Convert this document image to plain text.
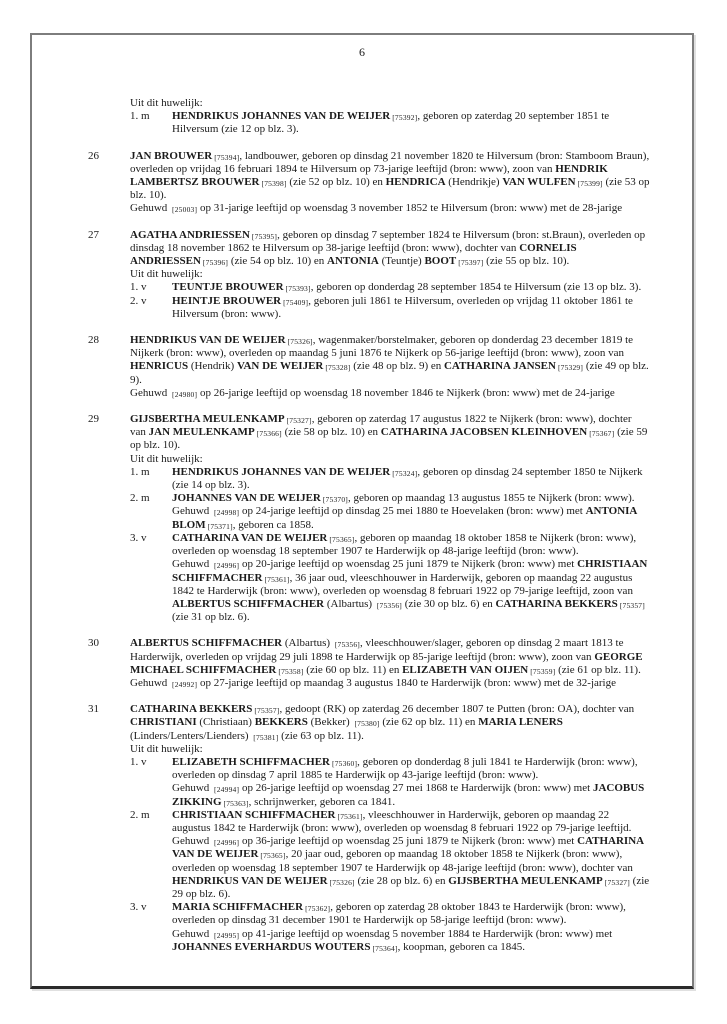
6
Uit dit huwelijk:
1. m	HENDRIKUS JOHANNES VAN DE WEIJER [75392], geboren op zaterdag 20 september 1851 te Hilversum (zie 12 op blz. 3).
26	JAN BROUWER [75394], landbouwer, geboren op dinsdag 21 november 1820 te Hilversum (bron: Stamboom Braun), overleden op vrijdag 16 februari 1894 te Hilversum op 73-jarige leeftijd (bron: www), zoon van HENDRIK LAMBERTSZ BROUWER [75398] (zie 52 op blz. 10) en HENDRICA (Hendrikje) VAN WULFEN [75399] (zie 53 op blz. 10).
Gehuwd [25003] op 31-jarige leeftijd op woensdag 3 november 1852 te Hilversum (bron: www) met de 28-jarige
27	AGATHA ANDRIESSEN [75395], geboren op dinsdag 7 september 1824 te Hilversum (bron: st.Braun), overleden op dinsdag 18 november 1862 te Hilversum op 38-jarige leeftijd (bron: www), dochter van CORNELIS ANDRIESSEN [75396] (zie 54 op blz. 10) en ANTONIA (Teuntje) BOOT [75397] (zie 55 op blz. 10).
Uit dit huwelijk:
1. v	TEUNTJE BROUWER [75393], geboren op donderdag 28 september 1854 te Hilversum (zie 13 op blz. 3).
2. v	HEINTJE BROUWER [75409], geboren juli 1861 te Hilversum, overleden op vrijdag 11 oktober 1861 te Hilversum (bron: www).
28	HENDRIKUS VAN DE WEIJER [75326], wagenmaker/borstelmaker, geboren op donderdag 23 december 1819 te Nijkerk (bron: www), overleden op maandag 5 juni 1876 te Nijkerk op 56-jarige leeftijd (bron: www), zoon van HENRICUS (Hendrik) VAN DE WEIJER [75328] (zie 48 op blz. 9) en CATHARINA JANSEN [75329] (zie 49 op blz. 9).
Gehuwd [24980] op 26-jarige leeftijd op woensdag 18 november 1846 te Nijkerk (bron: www) met de 24-jarige
29	GIJSBERTHA MEULENKAMP [75327], geboren op zaterdag 17 augustus 1822 te Nijkerk (bron: www), dochter van JAN MEULENKAMP [75366] (zie 58 op blz. 10) en CATHARINA JACOBSEN KLEINHOVEN [75367] (zie 59 op blz. 10).
Uit dit huwelijk:
1. m	HENDRIKUS JOHANNES VAN DE WEIJER [75324], geboren op dinsdag 24 september 1850 te Nijkerk (zie 14 op blz. 3).
2. m	JOHANNES VAN DE WEIJER [75370], geboren op maandag 13 augustus 1855 te Nijkerk (bron: www).
Gehuwd [24998] op 24-jarige leeftijd op dinsdag 25 mei 1880 te Hoevelaken (bron: www) met ANTONIA BLOM [75371], geboren ca 1858.
3. v	CATHARINA VAN DE WEIJER [75365], geboren op maandag 18 oktober 1858 te Nijkerk (bron: www), overleden op woensdag 18 september 1907 te Harderwijk op 48-jarige leeftijd (bron: www).
Gehuwd [24996] op 20-jarige leeftijd op woensdag 25 juni 1879 te Nijkerk (bron: www) met CHRISTIAAN SCHIFFMACHER [75361], 36 jaar oud, vleeschhouwer in Harderwijk, geboren op maandag 22 augustus 1842 te Harderwijk (bron: www), overleden op woensdag 8 februari 1922 op 79-jarige leeftijd, zoon van ALBERTUS SCHIFFMACHER (Albartus) [75356] (zie 30 op blz. 6) en CATHARINA BEKKERS [75357] (zie 31 op blz. 6).
30	ALBERTUS SCHIFFMACHER (Albartus) [75356], vleeschhouwer/slager, geboren op dinsdag 2 maart 1813 te Harderwijk, overleden op vrijdag 29 juli 1898 te Harderwijk op 85-jarige leeftijd (bron: www), zoon van GEORGE MICHAEL SCHIFFMACHER [75358] (zie 60 op blz. 11) en ELIZABETH VAN OIJEN [75359] (zie 61 op blz. 11).
Gehuwd [24992] op 27-jarige leeftijd op maandag 3 augustus 1840 te Harderwijk (bron: www) met de 32-jarige
31	CATHARINA BEKKERS [75357], gedoopt (RK) op zaterdag 26 december 1807 te Putten (bron: OA), dochter van CHRISTIANI (Christiaan) BEKKERS (Bekker) [75380] (zie 62 op blz. 11) en MARIA LENERS (Linders/Lenters/Lienders) [75381] (zie 63 op blz. 11).
Uit dit huwelijk:
1. v	ELIZABETH SCHIFFMACHER [75360], geboren op donderdag 8 juli 1841 te Harderwijk (bron: www), overleden op dinsdag 7 april 1885 te Harderwijk op 43-jarige leeftijd (bron: www).
Gehuwd [24994] op 26-jarige leeftijd op woensdag 27 mei 1868 te Harderwijk (bron: www) met JACOBUS ZIKKING [75363], schrijnwerker, geboren ca 1841.
2. m	CHRISTIAAN SCHIFFMACHER [75361], vleeschhouwer in Harderwijk, geboren op maandag 22 augustus 1842 te Harderwijk (bron: www), overleden op woensdag 8 februari 1922 op 79-jarige leeftijd.
Gehuwd [24996] op 36-jarige leeftijd op woensdag 25 juni 1879 te Nijkerk (bron: www) met CATHARINA VAN DE WEIJER [75365], 20 jaar oud, geboren op maandag 18 oktober 1858 te Nijkerk (bron: www), overleden op woensdag 18 september 1907 te Harderwijk op 48-jarige leeftijd (bron: www), dochter van HENDRIKUS VAN DE WEIJER [75326] (zie 28 op blz. 6) en GIJSBERTHA MEULENKAMP [75327] (zie 29 op blz. 6).
3. v	MARIA SCHIFFMACHER [75362], geboren op zaterdag 28 oktober 1843 te Harderwijk (bron: www), overleden op dinsdag 31 december 1901 te Harderwijk op 58-jarige leeftijd (bron: www).
Gehuwd [24995] op 41-jarige leeftijd op woensdag 5 november 1884 te Harderwijk (bron: www) met JOHANNES EVERHARDUS WOUTERS [75364], koopman, geboren ca 1845.
